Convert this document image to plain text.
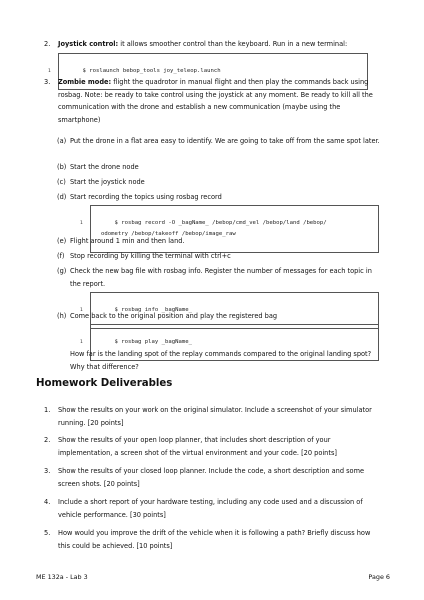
2. Joystick control: it allows smoother control than the keyboard. Run in a new terminal:

1	$ roslaunch bebop_tools joy_teleop.launch

3. Zombie mode: flight the quadrotor in manual flight and then play the commands back using rosbag. Note: be ready to take control using the joystick at any moment. Be ready to kill all the communication with the drone and establish a new communication (maybe using the smartphone)
(a) Put the drone in a flat area easy to identify. We are going to take off from the same spot later.
(b) Start the drone node
(c) Start the joystick node
(d) Start recording the topics using rosbag record

1	$ rosbag record -O _bagName_ /bebop/cmd_vel /bebop/land /bebop/
odometry /bebop/takeoff /bebop/image_raw

(e) Flight around 1 min and then land.
(f) Stop recording by killing the terminal with ctrl+c
(g) Check the new bag file with rosbag info. Register the number of messages for each topic in the report.

1	$ rosbag info _bagName_

(h) Come back to the original position and play the registered bag

1	$ rosbag play _bagName_

How far is the landing spot of the replay commands compared to the original landing spot? Why that difference?
Homework Deliverables
1. Show the results on your work on the original simulator. Include a screenshot of your simulator running. [20 points]
2. Show the results of your open loop planner, that includes short description of your implementation, a screen shot of the virtual environment and your code. [20 points]
3. Show the results of your closed loop planner. Include the code, a short description and some screen shots. [20 points]
4. Include a short report of your hardware testing, including any code used and a discussion of vehicle performance. [30 points]
5. How would you improve the drift of the vehicle when it is following a path? Briefly discuss how this could be achieved. [10 points]
ME 132a - Lab 3	Page 6
